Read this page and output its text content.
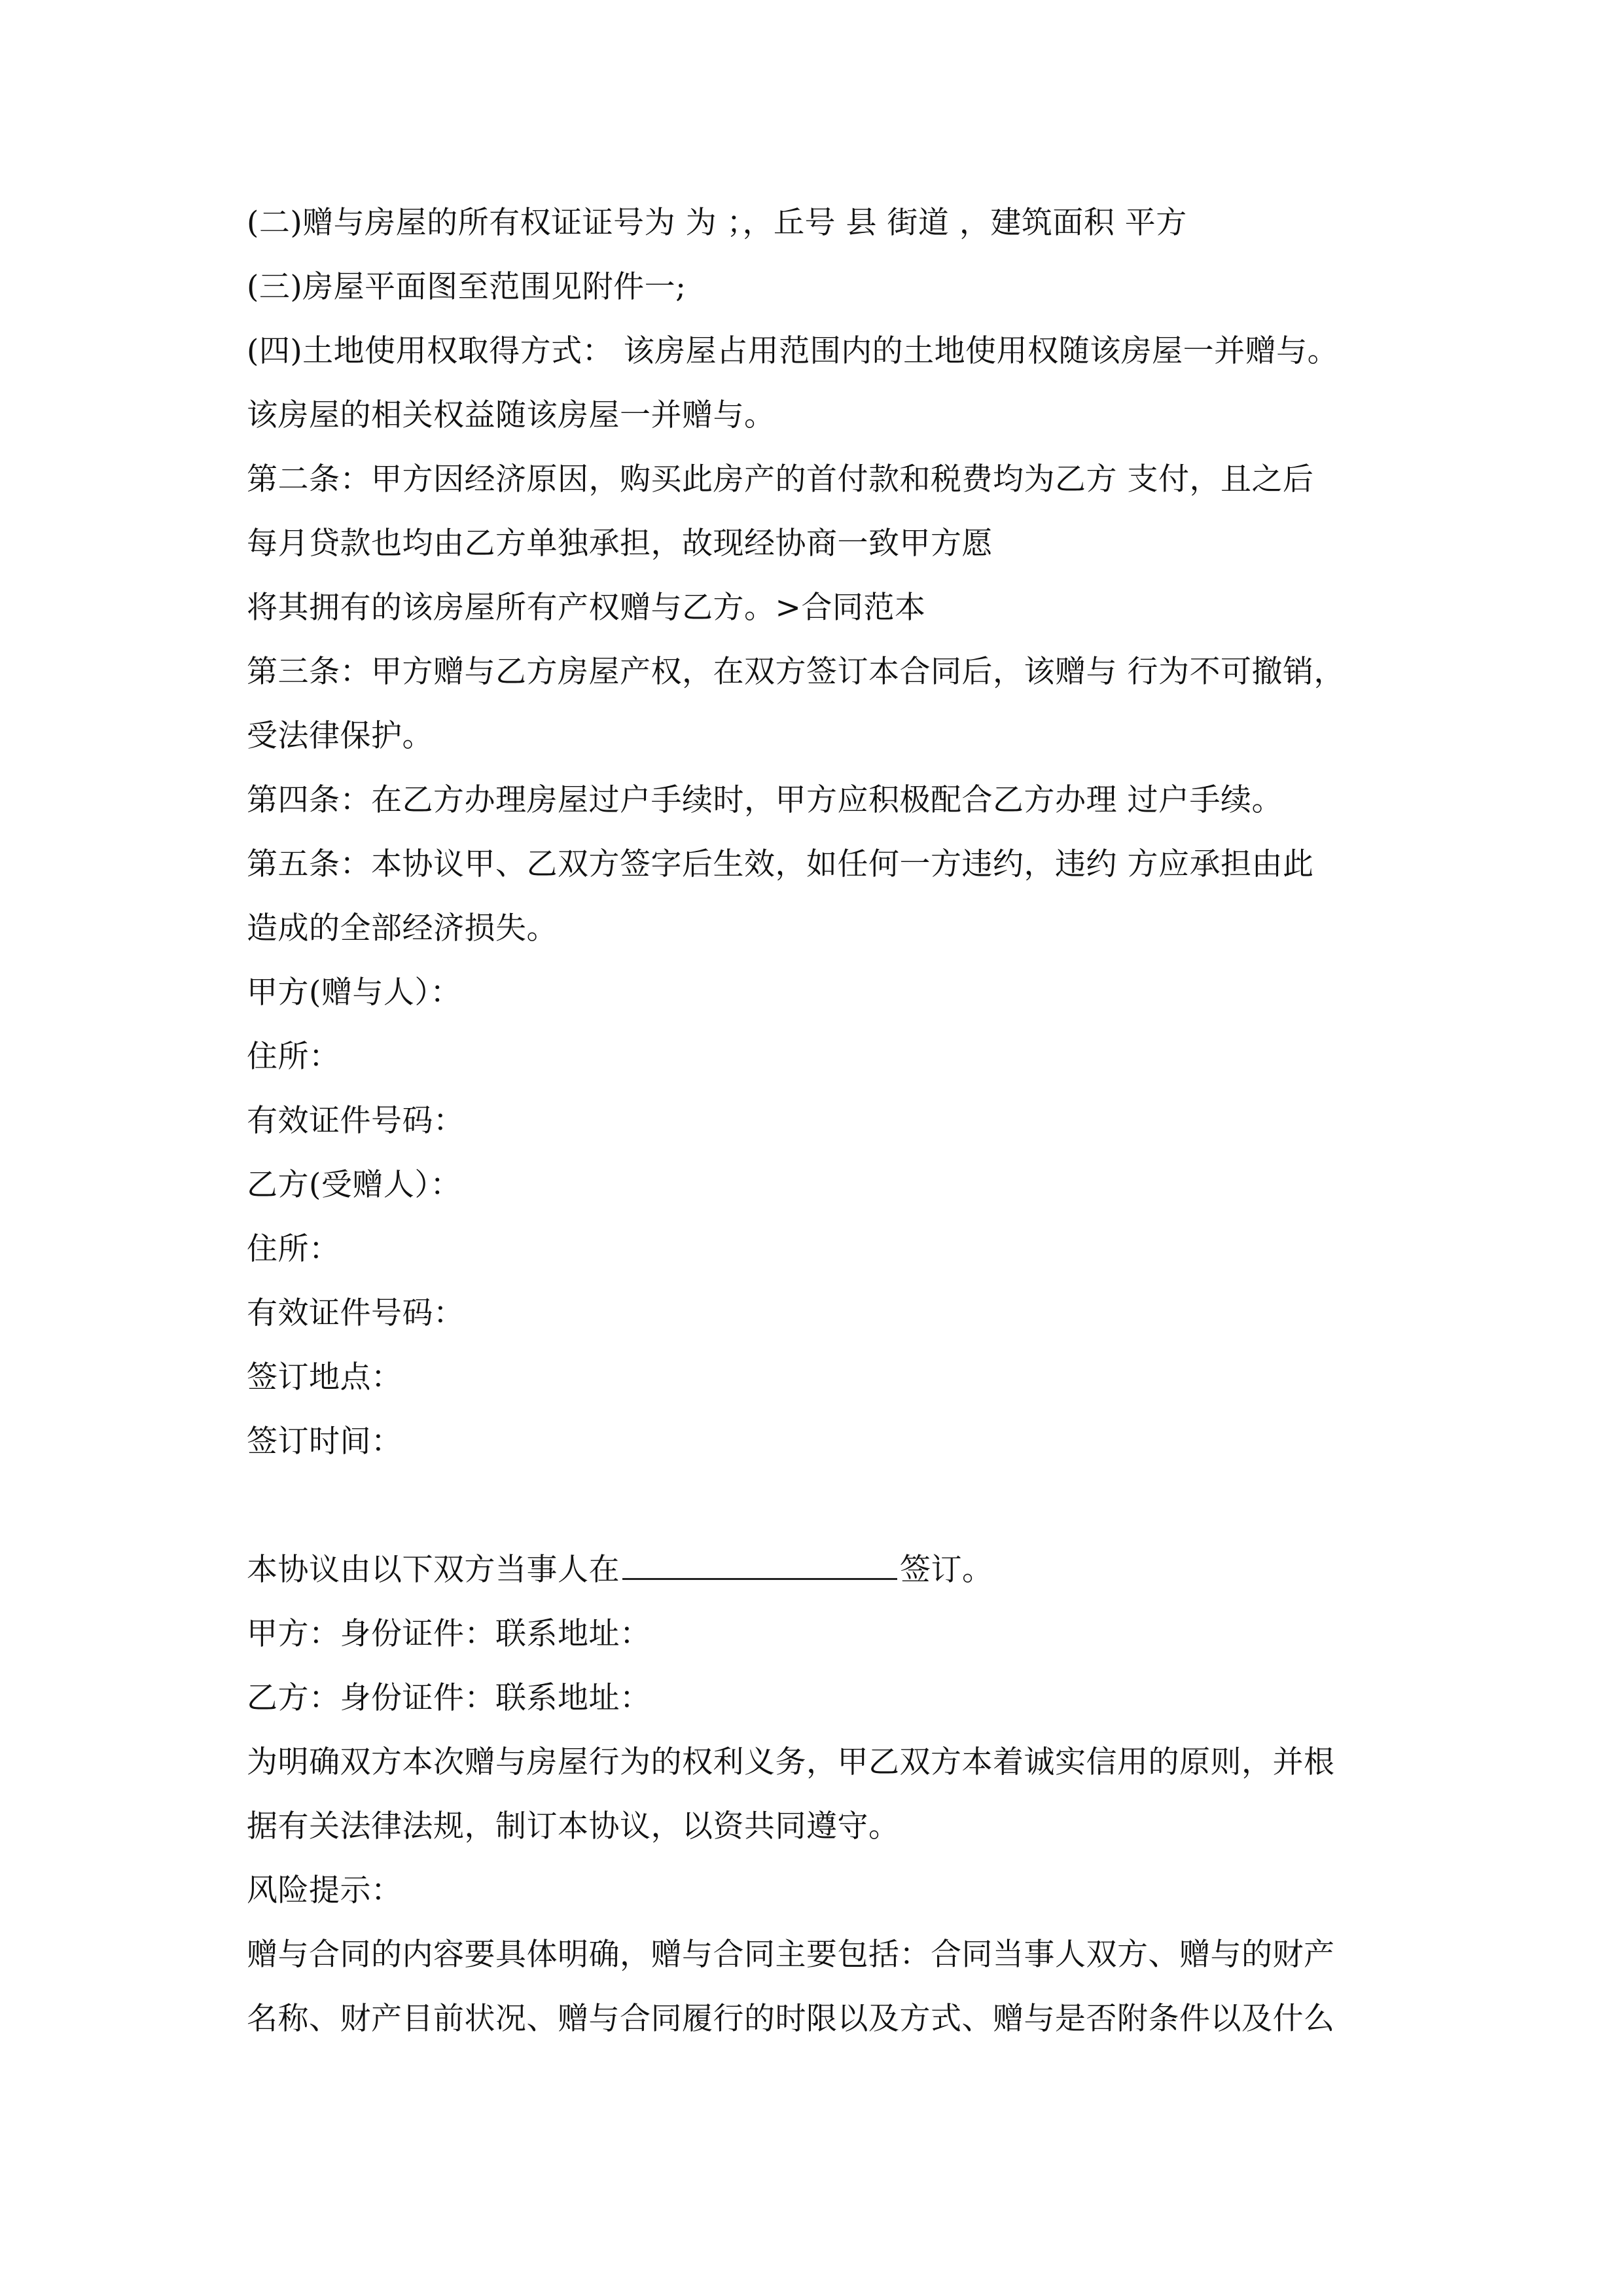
(二)赠与房屋的所有权证证号为 为 ；，丘号 县 街道 ，建筑面积 平方
(三)房屋平面图至范围见附件一;
(四)土地使用权取得方式： 该房屋占用范围内的土地使用权随该房屋一并赠与。
该房屋的相关权益随该房屋一并赠与。
第二条：甲方因经济原因，购买此房产的首付款和税费均为乙方 支付，且之后
每月贷款也均由乙方单独承担，故现经协商一致甲方愿
将其拥有的该房屋所有产权赠与乙方。>合同范本
第三条：甲方赠与乙方房屋产权，在双方签订本合同后，该赠与 行为不可撤销，
受法律保护。
第四条：在乙方办理房屋过户手续时，甲方应积极配合乙方办理 过户手续。
第五条：本协议甲、乙双方签字后生效，如任何一方违约，违约 方应承担由此
造成的全部经济损失。
甲方(赠与人）：
住所：
有效证件号码：
乙方(受赠人）：
住所：
有效证件号码：
签订地点：
签订时间：
本协议由以下双方当事人在	签订。
甲方：身份证件：联系地址：
乙方：身份证件：联系地址：
为明确双方本次赠与房屋行为的权利义务，甲乙双方本着诚实信用的原则，并根
据有关法律法规，制订本协议，以资共同遵守。
风险提示：
赠与合同的内容要具体明确，赠与合同主要包括：合同当事人双方、赠与的财产
名称、财产目前状况、赠与合同履行的时限以及方式、赠与是否附条件以及什么
